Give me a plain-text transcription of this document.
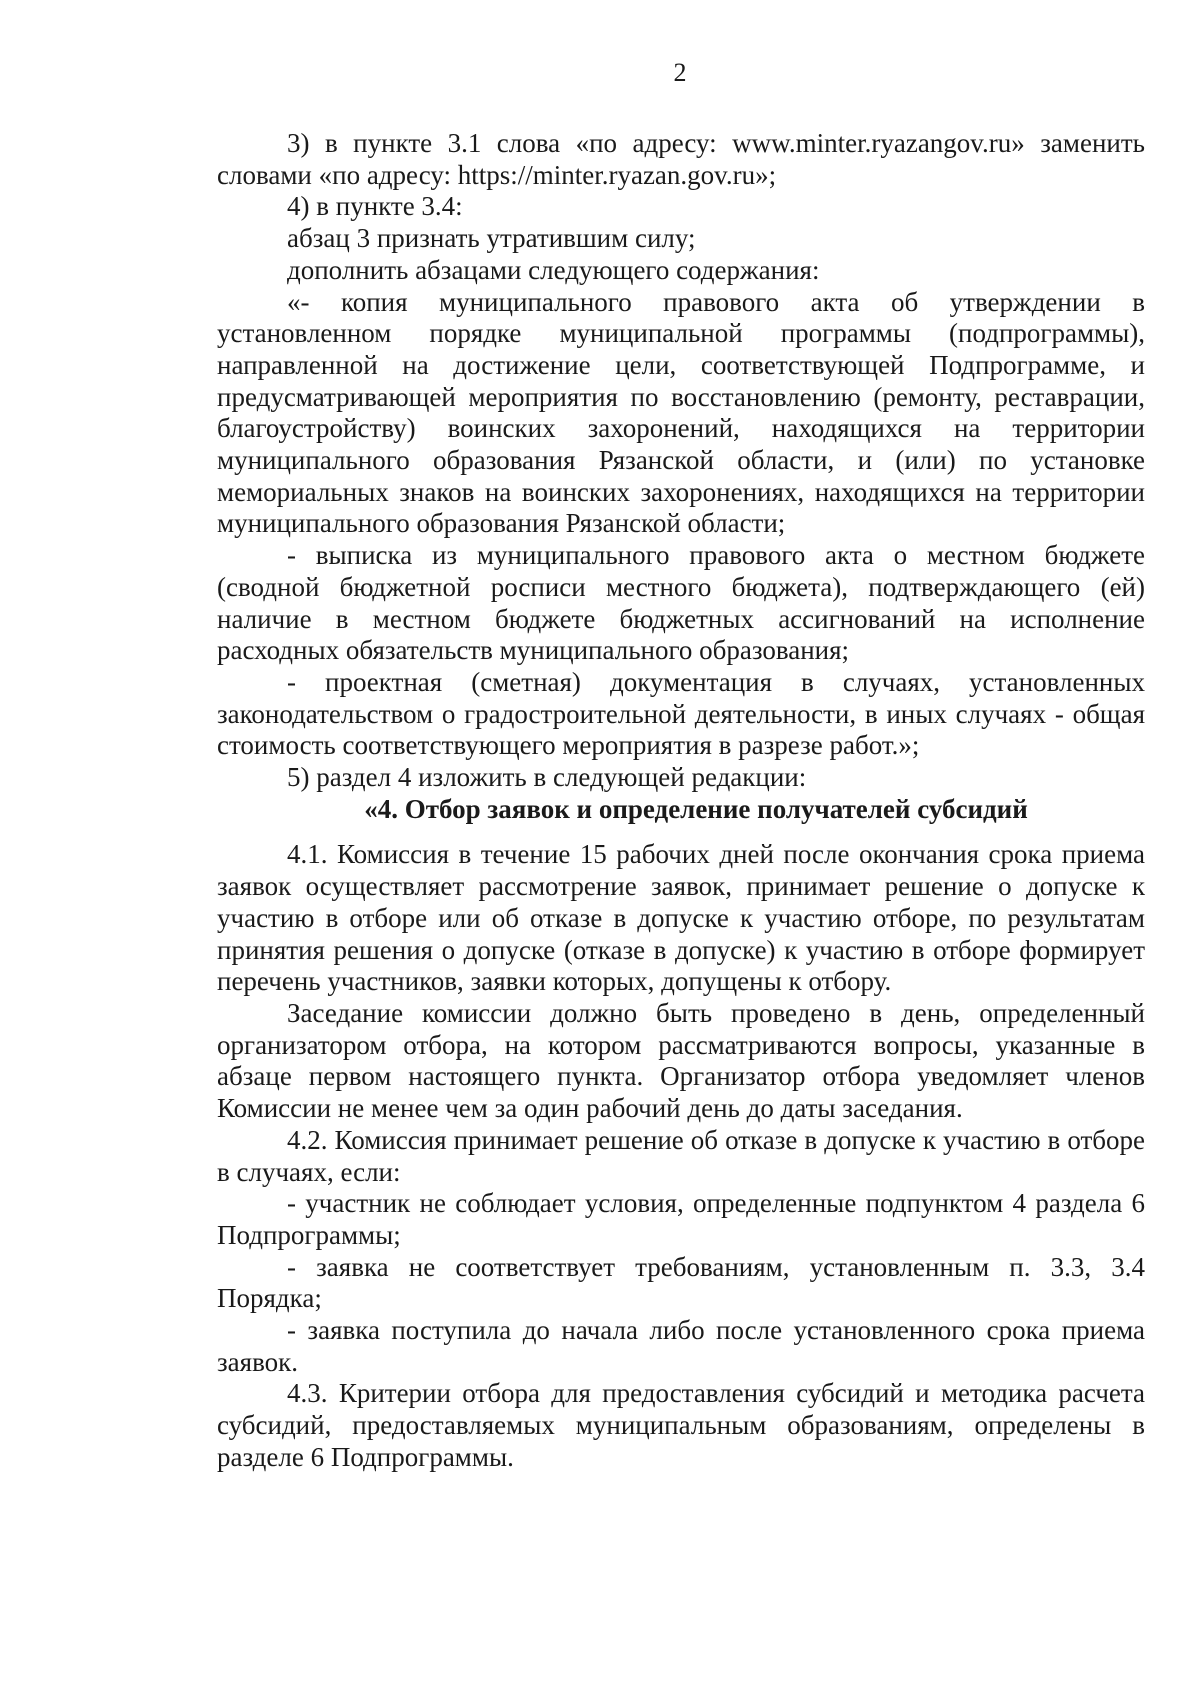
2

3) в пункте 3.1 слова «по адресу: www.minter.ryazangov.ru» заменить словами «по адресу: https://minter.ryazan.gov.ru»;

4) в пункте 3.4:

абзац 3 признать утратившим силу;

дополнить абзацами следующего содержания:

«- копия муниципального правового акта об утверждении в установленном порядке муниципальной программы (подпрограммы), направленной на достижение цели, соответствующей Подпрограмме, и предусматривающей мероприятия по восстановлению (ремонту, реставрации, благоустройству) воинских захоронений, находящихся на территории муниципального образования Рязанской области, и (или) по установке мемориальных знаков на воинских захоронениях, находящихся на территории муниципального образования Рязанской области;

- выписка из муниципального правового акта о местном бюджете (сводной бюджетной росписи местного бюджета), подтверждающего (ей) наличие в местном бюджете бюджетных ассигнований на исполнение расходных обязательств муниципального образования;

- проектная (сметная) документация в случаях, установленных законодательством о градостроительной деятельности, в иных случаях - общая стоимость соответствующего мероприятия в разрезе работ.»;

5) раздел 4 изложить в следующей редакции:

«4. Отбор заявок и определение получателей субсидий

4.1. Комиссия в течение 15 рабочих дней после окончания срока приема заявок осуществляет рассмотрение заявок, принимает решение о допуске к участию в отборе или об отказе в допуске к участию отборе, по результатам принятия решения о допуске (отказе в допуске) к участию в отборе формирует перечень участников, заявки которых, допущены к отбору.

Заседание комиссии должно быть проведено в день, определенный организатором отбора, на котором рассматриваются вопросы, указанные в абзаце первом настоящего пункта. Организатор отбора уведомляет членов Комиссии не менее чем за один рабочий день до даты заседания.

4.2. Комиссия принимает решение об отказе в допуске к участию в отборе в случаях, если:

- участник не соблюдает условия, определенные подпунктом 4 раздела 6 Подпрограммы;

- заявка не соответствует требованиям, установленным п. 3.3, 3.4 Порядка;

- заявка поступила до начала либо после установленного срока приема заявок.

4.3. Критерии отбора для предоставления субсидий и методика расчета субсидий, предоставляемых муниципальным образованиям, определены в разделе 6 Подпрограммы.
